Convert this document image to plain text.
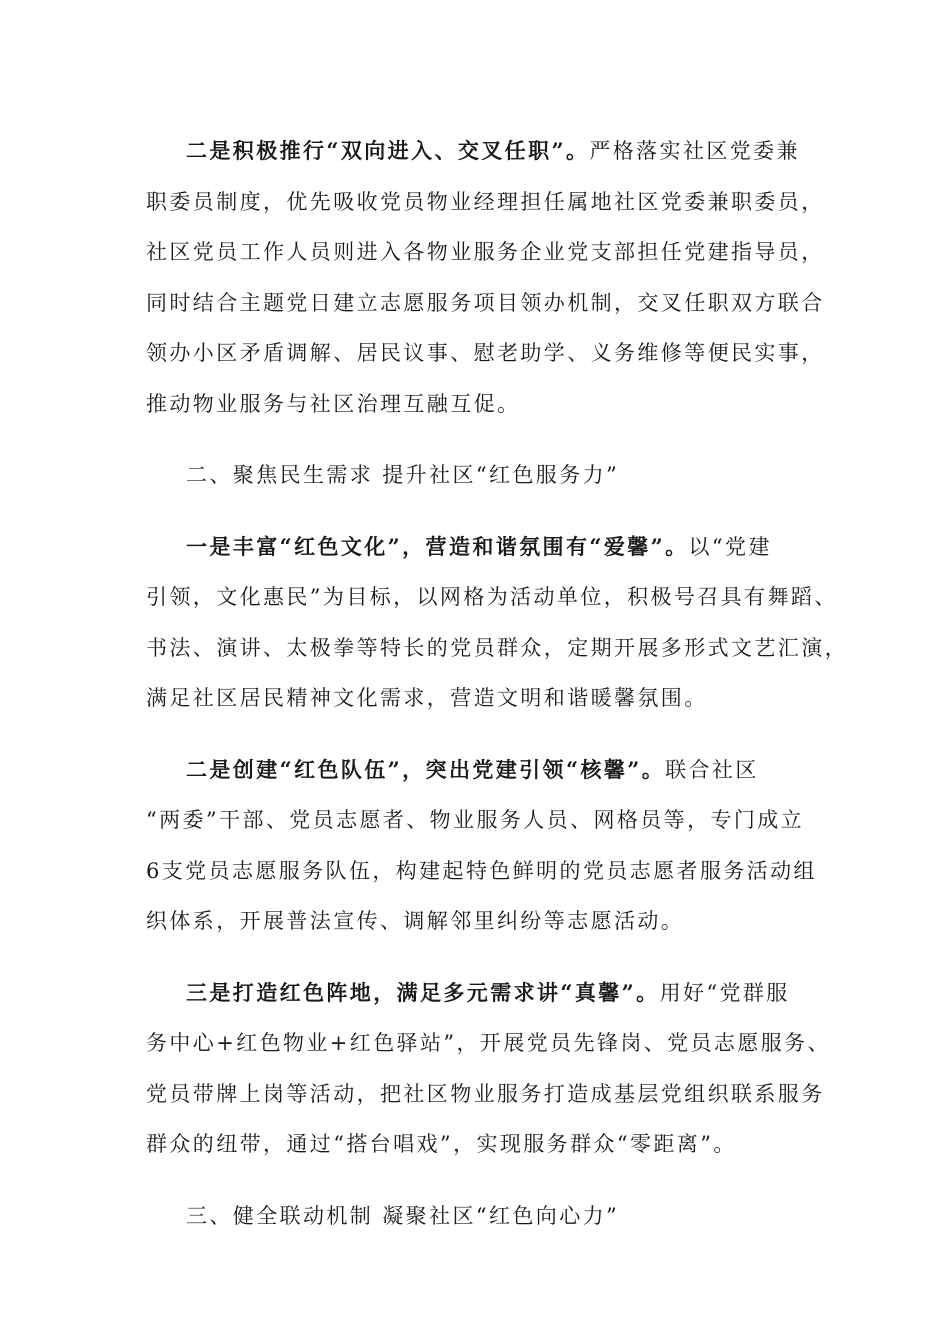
二是积极推行“双向进入、交叉任职”。严格落实社区党委兼
职委员制度，优先吸收党员物业经理担任属地社区党委兼职委员，
社区党员工作人员则进入各物业服务企业党支部担任党建指导员，
同时结合主题党日建立志愿服务项目领办机制，交叉任职双方联合
领办小区矛盾调解、居民议事、慰老助学、义务维修等便民实事，
推动物业服务与社区治理互融互促。

二、聚焦民生需求 提升社区“红色服务力”

一是丰富“红色文化”，营造和谐氛围有“爱馨”。以“党建
引领，文化惠民”为目标，以网格为活动单位，积极号召具有舞蹈、
书法、演讲、太极拳等特长的党员群众，定期开展多形式文艺汇演，
满足社区居民精神文化需求，营造文明和谐暖馨氛围。

二是创建“红色队伍”，突出党建引领“核馨”。联合社区
“两委”干部、党员志愿者、物业服务人员、网格员等，专门成立
6支党员志愿服务队伍，构建起特色鲜明的党员志愿者服务活动组
织体系，开展普法宣传、调解邻里纠纷等志愿活动。

三是打造红色阵地，满足多元需求讲“真馨”。用好“党群服
务中心+红色物业+红色驿站”，开展党员先锋岗、党员志愿服务、
党员带牌上岗等活动，把社区物业服务打造成基层党组织联系服务
群众的纽带，通过“搭台唱戏”，实现服务群众“零距离”。

三、健全联动机制 凝聚社区“红色向心力”
